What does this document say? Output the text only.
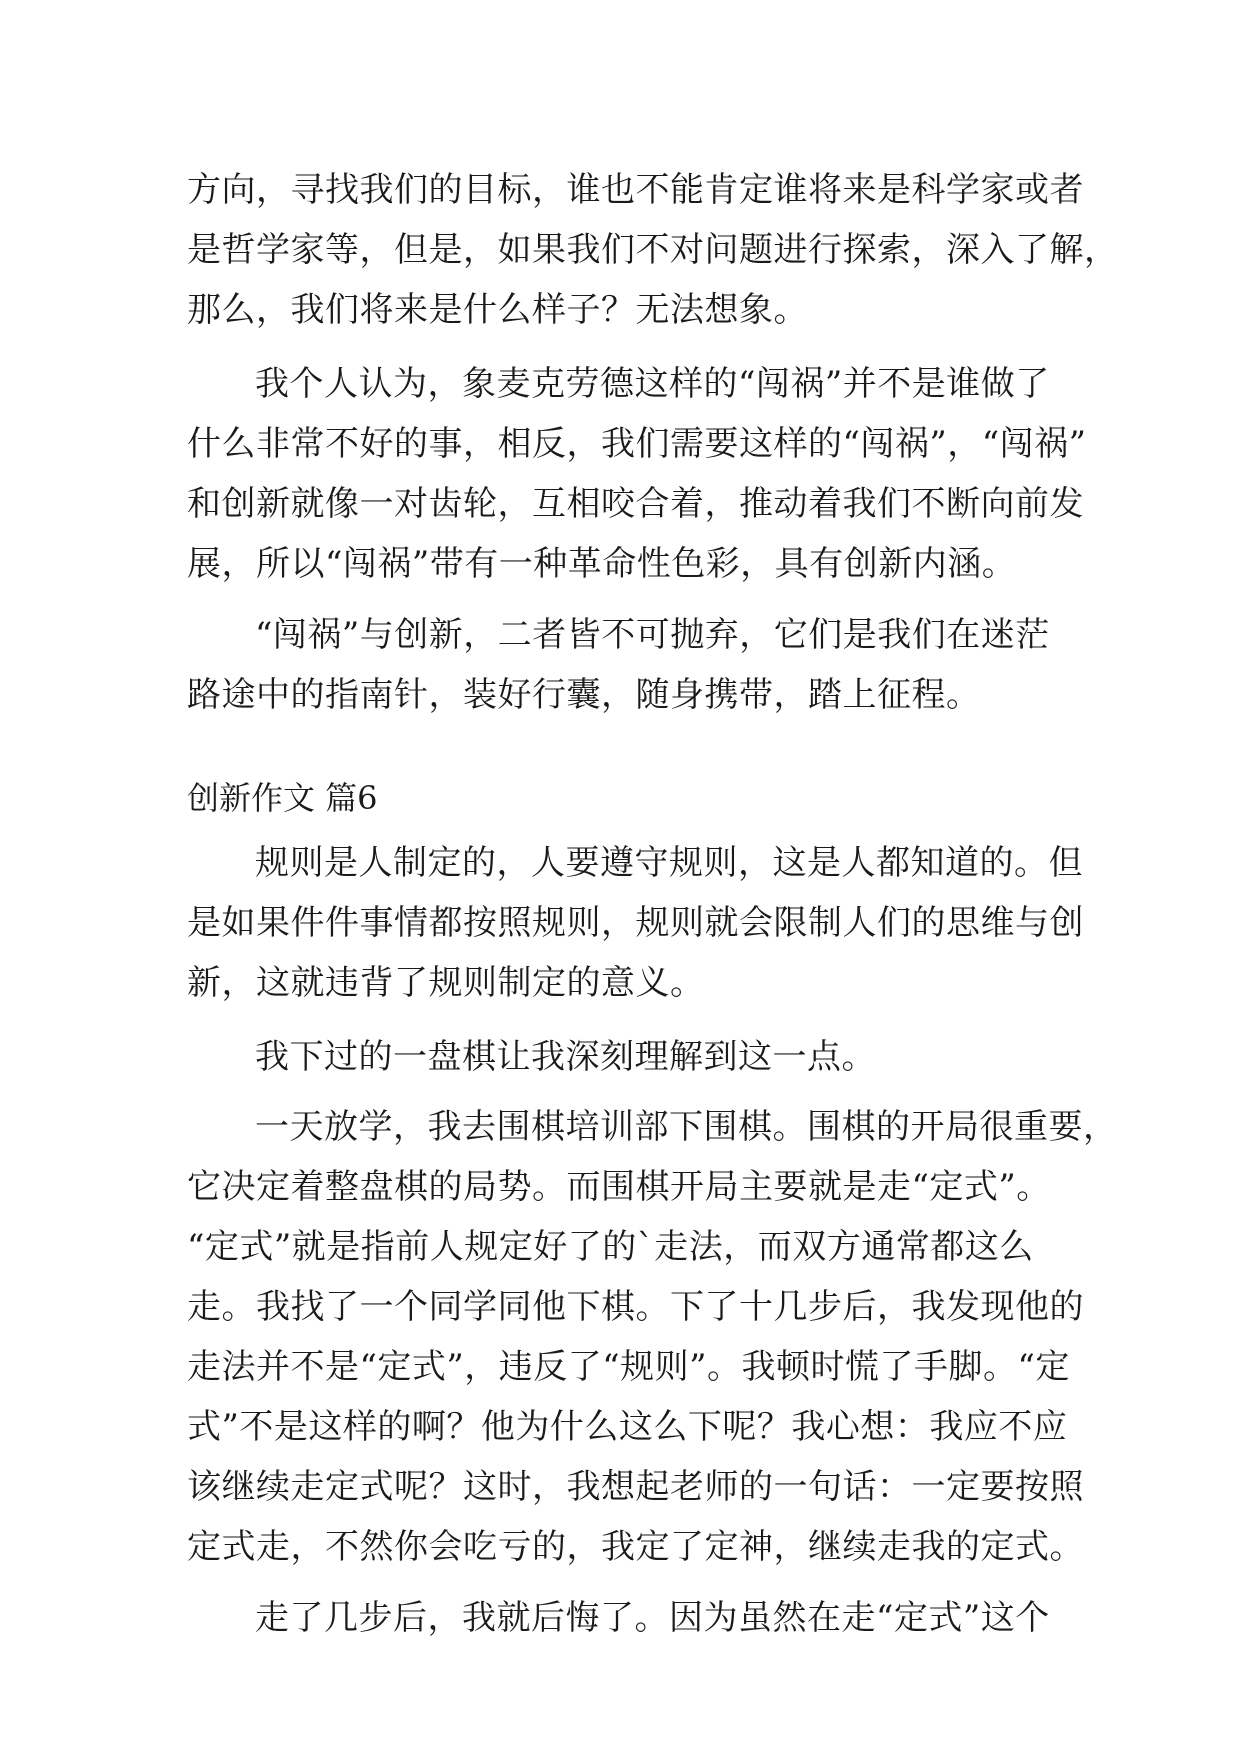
方向，寻找我们的目标，谁也不能肯定谁将来是科学家或者
是哲学家等，但是，如果我们不对问题进行探索，深入了解，
那么，我们将来是什么样子？无法想象。
我个人认为，象麦克劳德这样的“闯祸”并不是谁做了
什么非常不好的事，相反，我们需要这样的“闯祸”，“闯祸”
和创新就像一对齿轮，互相咬合着，推动着我们不断向前发
展，所以“闯祸”带有一种革命性色彩，具有创新内涵。
“闯祸”与创新，二者皆不可抛弃，它们是我们在迷茫
路途中的指南针，装好行囊，随身携带，踏上征程。
创新作文 篇6
规则是人制定的，人要遵守规则，这是人都知道的。但
是如果件件事情都按照规则，规则就会限制人们的思维与创
新，这就违背了规则制定的意义。
我下过的一盘棋让我深刻理解到这一点。
一天放学，我去围棋培训部下围棋。围棋的开局很重要，
它决定着整盘棋的局势。而围棋开局主要就是走“定式”。
“定式”就是指前人规定好了的`走法，而双方通常都这么
走。我找了一个同学同他下棋。下了十几步后，我发现他的
走法并不是“定式”，违反了“规则”。我顿时慌了手脚。“定
式”不是这样的啊？他为什么这么下呢？我心想：我应不应
该继续走定式呢？这时，我想起老师的一句话：一定要按照
定式走，不然你会吃亏的，我定了定神，继续走我的定式。
走了几步后，我就后悔了。因为虽然在走“定式”这个
